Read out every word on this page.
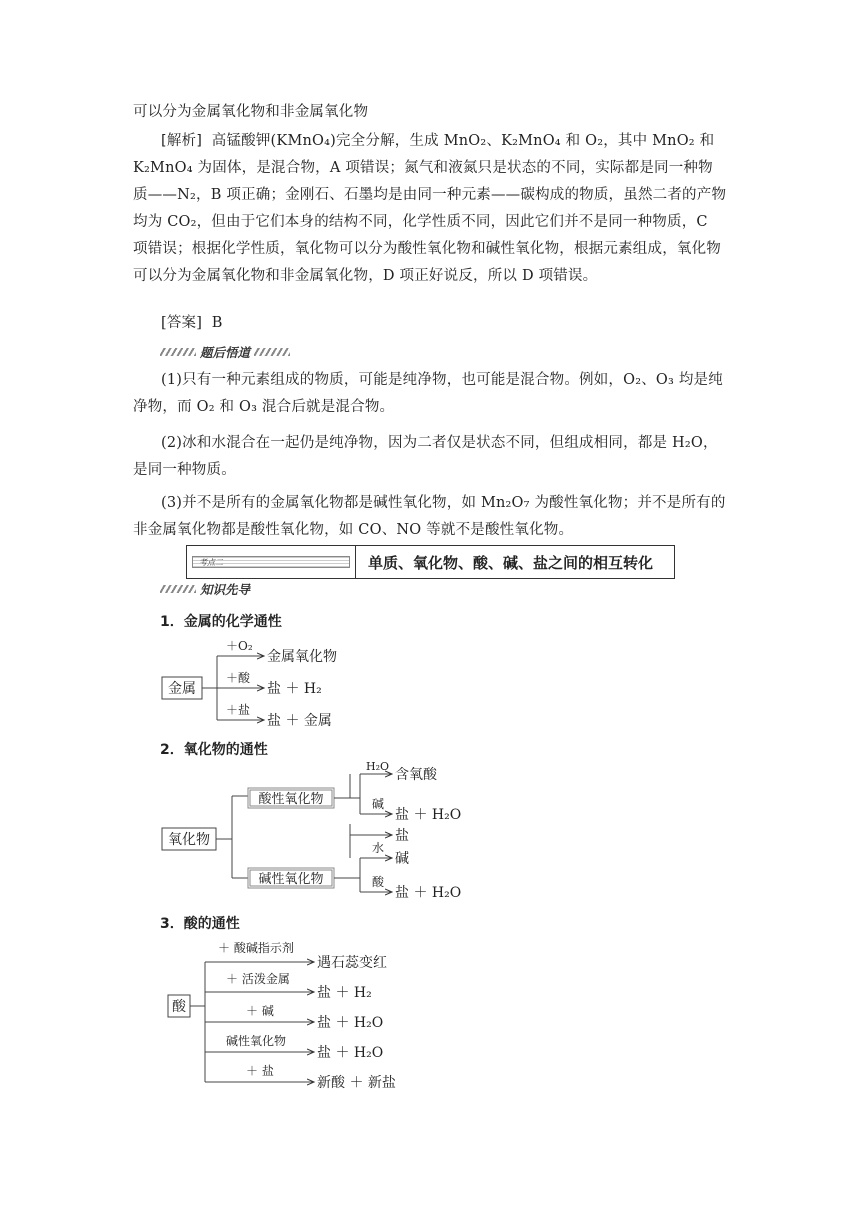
可以分为金属氧化物和非金属氧化物
[解析] 高锰酸钾(KMnO₄)完全分解，生成 MnO₂、K₂MnO₄ 和 O₂，其中 MnO₂ 和 K₂MnO₄ 为固体，是混合物，A 项错误；氮气和液氮只是状态的不同，实际都是同一种物质——N₂，B 项正确；金刚石、石墨均是由同一种元素——碳构成的物质，虽然二者的产物均为 CO₂，但由于它们本身的结构不同，化学性质不同，因此它们并不是同一种物质，C 项错误；根据化学性质，氧化物可以分为酸性氧化物和碱性氧化物，根据元素组成，氧化物可以分为金属氧化物和非金属氧化物，D 项正好说反，所以 D 项错误。
[答案] B
题后悟道
(1)只有一种元素组成的物质，可能是纯净物，也可能是混合物。例如，O₂、O₃ 均是纯净物，而 O₂ 和 O₃ 混合后就是混合物。
(2)冰和水混合在一起仍是纯净物，因为二者仅是状态不同，但组成相同，都是 H₂O，是同一种物质。
(3)并不是所有的金属氧化物都是碱性氧化物，如 Mn₂O₇ 为酸性氧化物；并不是所有的非金属氧化物都是酸性氧化物，如 CO、NO 等就不是酸性氧化物。
考点二	单质、氧化物、酸、碱、盐之间的相互转化
知识先导
1．金属的化学通性
金属
＋O₂
＋酸
＋盐
金属氧化物
盐 ＋ H₂
盐 ＋ 金属
2．氧化物的通性
氧化物
酸性氧化物
碱性氧化物
H₂O
碱
含氧酸
盐 ＋ H₂O
盐
水
酸
碱
盐 ＋ H₂O
3．酸的通性
酸
＋ 酸碱指示剂
＋ 活泼金属
＋ 碱
碱性氧化物
＋ 盐
遇石蕊变红
盐 ＋ H₂
盐 ＋ H₂O
盐 ＋ H₂O
新酸 ＋ 新盐
